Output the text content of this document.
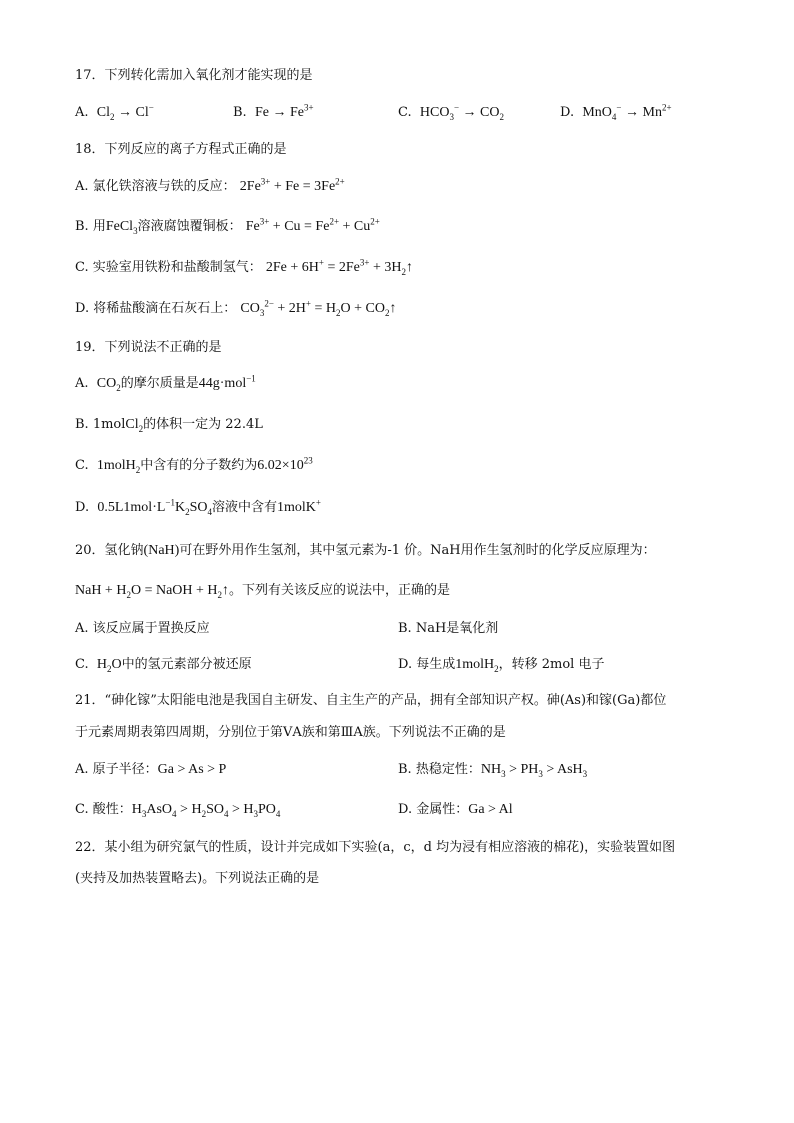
17．下列转化需加入氧化剂才能实现的是
A. $Cl_2 \to Cl^-$	B. $Fe \to Fe^{3+}$	C. $HCO_3^- \to CO_2$	D. $MnO_4^- \to Mn^{2+}$
18．下列反应的离子方程式正确的是
A. 氯化铁溶液与铁的反应： $2Fe^{3+} + Fe = 3Fe^{2+}$
B. 用FeCl$_3$溶液腐蚀覆铜板： $Fe^{3+} + Cu = Fe^{2+} + Cu^{2+}$
C. 实验室用铁粉和盐酸制氢气： $2Fe + 6H^+ = 2Fe^{3+}$ + $3H_2↑$
D. 将稀盐酸滴在石灰石上： $CO_3^{2-} + 2H^+ = H_2O$ + $CO_2↑$
19．下列说法不正确的是
A. $CO_2$的摩尔质量是44g·mol$^{-1}$
B. 1molCl$_2$的体积一定为 22.4L
C. 1molH$_2$中含有的分子数约为$6.02\times 10^{23}$
D. $0.5L1mol\cdot L^{-1}K_2SO_4$溶液中含有1molK+
20．氢化钠(NaH)可在野外用作生氢剂，其中氢元素为-1 价。NaH用作生氢剂时的化学反应原理为：
NaH + $H_2O$ = NaOH + $H_2↑$。下列有关该反应的说法中，正确的是
A. 该反应属于置换反应	B. NaH是氧化剂
C. $H_2O$中的氢元素部分被还原	D. 每生成1molH$_2$，转移 2mol 电子
21．“砷化镓”太阳能电池是我国自主研发、自主生产的产品，拥有全部知识产权。砷(As)和镓(Ga)都位
于元素周期表第四周期，分别位于第ⅤA族和第ⅢA族。下列说法不正确的是
A. 原子半径：Ga > As > P	B. 热稳定性：$NH_3 > PH_3 > AsH_3$
C. 酸性：$H_3AsO_4 > H_2SO_4 > H_3PO_4$	D. 金属性：Ga > Al
22．某小组为研究氯气的性质，设计并完成如下实验(a，c，d 均为浸有相应溶液的棉花)，实验装置如图
(夹持及加热装置略去)。下列说法正确的是
